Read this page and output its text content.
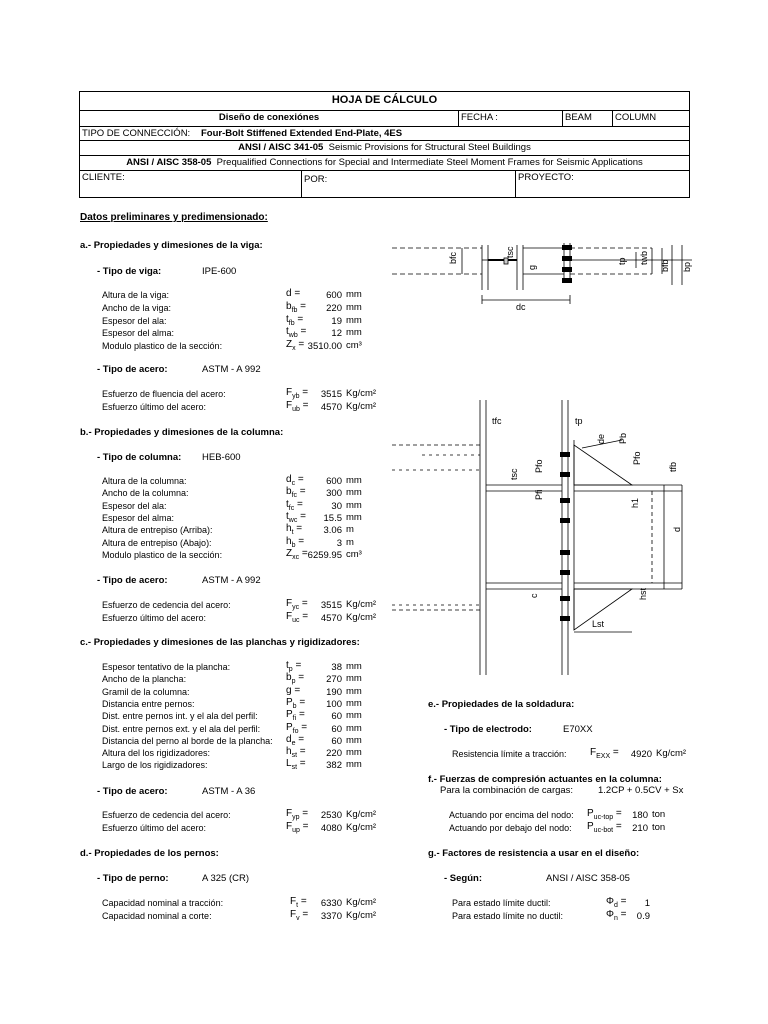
HOJA DE CÁLCULO
Diseño de conexiónes	FECHA :	BEAM COLUMN
TIPO DE CONNECCIÓN: Four-Bolt Stiffened Extended End-Plate, 4ES
ANSI / AISC 341-05 Seismic Provisions for Structural Steel Buildings
ANSI / AISC 358-05 Prequalified Connections for Special and Intermediate Steel Moment Frames for Seismic Applications
CLIENTE:	POR:	PROYECTO:
Datos preliminares y predimensionado:
a.- Propiedades y dimesiones de la viga:
- Tipo de viga:	IPE-600
Altura de la viga:	d =	600 mm
Ancho de la viga:	$b_{fb}$ =	220 mm
Espesor del ala:	$t_{fb}$ =	19 mm
Espesor del alma:	$t_{wb}$ =	12 mm
Modulo plastico de la sección:	$Z_x = 3510.00$ cm³
- Tipo de acero:	ASTM - A 992
Esfuerzo de fluencia del acero:	$F_{yb}$ =	3515 Kg/cm²
Esfuerzo último del acero:	$F_{ub}$ =	4570 Kg/cm²
b.- Propiedades y dimesiones de la columna:
- Tipo de columna: HEB-600
Altura de la columna:	$d_c$ =	600 mm
Ancho de la columna:	$b_{fc}$ =	300 mm
Espesor del ala:	$t_{fc}$ =	30 mm
Espesor del alma:	$t_{wc}$ =	15.5 mm
Altura de entrepiso (Arriba):	$h_t$ =	3.06 m
Altura de entrepiso (Abajo):	$h_b$ =	3 m
Modulo plastico de la sección:	$Z_{xc} = 6259.95$ cm³
- Tipo de acero:	ASTM - A 992
Esfuerzo de cedencia del acero:	$F_{yc}$ =	3515 Kg/cm²
Esfuerzo último del acero:	$F_{uc}$ =	4570 Kg/cm²
c.- Propiedades y dimesiones de las planchas y rigidizadores:
Espesor tentativo de la plancha:	$t_p$ =	38 mm
Ancho de la plancha:	$b_p$ =	270 mm
Gramil de la columna:	g =	190 mm
Distancia entre pernos:	$P_b$ =	100 mm
Dist. entre pernos int. y el ala del perfil:	$P_{fi}$ =	60 mm
Dist. entre pernos ext. y el ala del perfil:	$P_{fo}$ =	60 mm
Distancia del perno al borde de la plancha: $d_e$ =	60 mm
Altura del los rigidizadores:	$h_{st}$ =	220 mm
Largo de los rigidizadores:	$L_{st}$ =	382 mm
- Tipo de acero:	ASTM - A 36
Esfuerzo de cedencia del acero:	$F_{yp}$ =	2530 Kg/cm²
Esfuerzo último del acero:	$F_{up}$ =	4080 Kg/cm²
d.- Propiedades de los pernos:
- Tipo de perno:	A 325 (CR)
Capacidad nominal a tracción:	$F_t$ =	6330 Kg/cm²
Capacidad nominal a corte:	$F_v$ =	3370 Kg/cm²
e.- Propiedades de la soldadura:
- Tipo de electrodo:	E70XX
Resistencia límite a tracción: $F_{EXX}$ =	4920 Kg/cm²
f.- Fuerzas de compresión actuantes en la columna:
Para la combinación de cargas:	1.2CP + 0.5CV + Sx
Actuando por encima del nodo: $P_{uc-top}$ =	180 ton
Actuando por debajo del nodo: $P_{uc-bot}$ =	210 ton
g.- Factores de resistencia a usar en el diseño:
- Según:	ANSI / AISC 358-05
Para estado límite ductil:	$\Phi_d$ =	1
Para estado límite no ductil:	$\Phi_n$ =	0.9
bfc	tsc
g
dc
tp twb
bfb bp
tfc	tp
de Pb
Pfo
Pfi
tsc
Pfo
h1
tfb
d
c	hst
Lst
